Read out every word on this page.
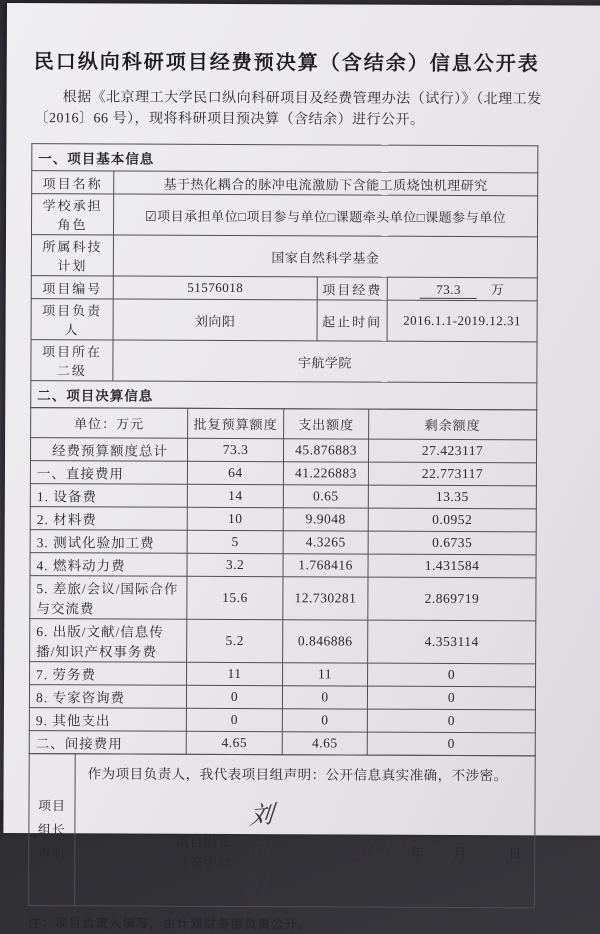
民口纵向科研项目经费预决算（含结余）信息公开表
根据《北京理工大学民口纵向科研项目及经费管理办法（试行）》（北理工发〔2016〕66 号），现将科研项目预决算（含结余）进行公开。
一、项目基本信息			
项目名称	基于热化耦合的脉冲电流激励下含能工质烧蚀机理研究		
学校承担角色	☑项目承担单位□项目参与单位□课题牵头单位□课题参与单位		
所属科技计划	国家自然科学基金		
项目编号	51576018	项目经费	73.3 万
项目负责人	刘向阳	起止时间	2016.1.1-2019.12.31
项目所在二级	宇航学院		
二、项目决算信息			
单位：万元	批复预算额度	支出额度	剩余额度
经费预算额度总计	73.3	45.876883	27.423117
一、直接费用	64	41.226883	22.773117
1. 设备费	14	0.65	13.35
2. 材料费	10	9.9048	0.0952
3. 测试化验加工费	5	4.3265	0.6735
4. 燃料动力费	3.2	1.768416	1.431584
5. 差旅/会议/国际合作与交流费	15.6	12.730281	2.869719
6. 出版/文献/信息传播/知识产权事务费	5.2	0.846886	4.353114
7. 劳务费	11	11	0
8. 专家咨询费	0	0	0
9. 其他支出	0	0	0
二、间接费用	4.65	4.65	0
项目
组长
声明

作为项目负责人，我代表项目组声明：公开信息真实准确，不涉密。
项目组长（签字）：
刘向阳
2020 年 6 月 29 日
注：项目负责人填写，由计划财务部负责公开。
